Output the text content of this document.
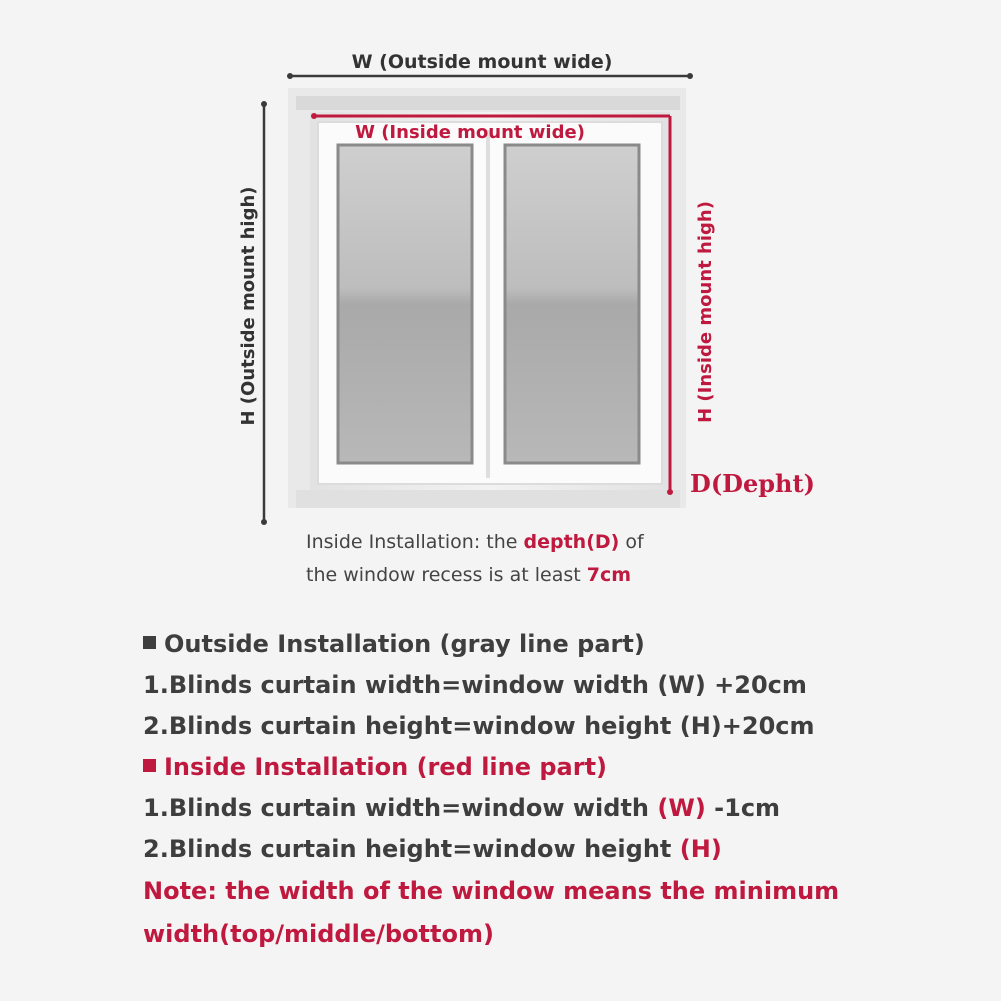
W (Outside mount wide)
H (Outside mount high)
W (Inside mount wide)
H (Inside mount high)
D(Depht)
Inside Installation: the depth(D) of
the window recess is at least 7cm
Outside Installation (gray line part)
1.Blinds curtain width=window width (W) +20cm
2.Blinds curtain height=window height (H)+20cm
Inside Installation (red line part)
1.Blinds curtain width=window width (W) -1cm
2.Blinds curtain height=window height (H)
Note: the width of the window means the minimum
width(top/middle/bottom)
